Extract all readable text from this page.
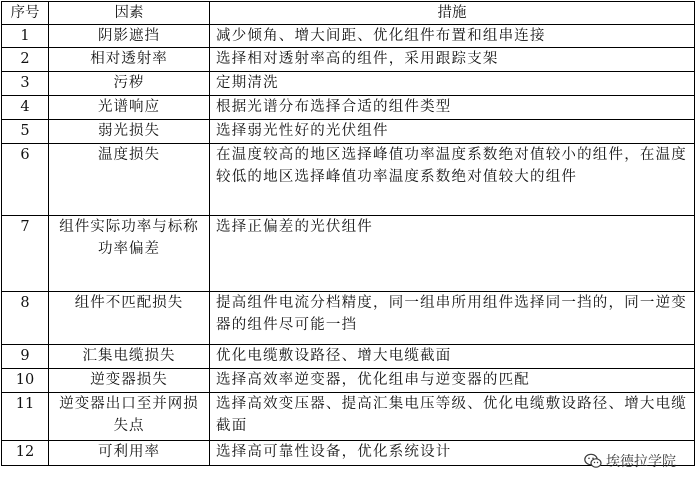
序号	因素	措施
1	阴影遮挡	减少倾角、增大间距、优化组件布置和组串连接
2	相对透射率	选择相对透射率高的组件，采用跟踪支架
3	污秽	定期清洗
4	光谱响应	根据光谱分布选择合适的组件类型
5	弱光损失	选择弱光性好的光伏组件
6	温度损失	在温度较高的地区选择峰值功率温度系数绝对值较小的组件，在温度较低的地区选择峰值功率温度系数绝对值较大的组件
7	组件实际功率与标称功率偏差	选择正偏差的光伏组件
8	组件不匹配损失	提高组件电流分档精度，同一组串所用组件选择同一挡的，同一逆变器的组件尽可能一挡
9	汇集电缆损失	优化电缆敷设路径、增大电缆截面
10	逆变器损失	选择高效率逆变器，优化组串与逆变器的匹配
11	逆变器出口至并网损失点	选择高效变压器、提高汇集电压等级、优化电缆敷设路径、增大电缆截面
12	可利用率	选择高可靠性设备，优化系统设计
埃德拉学院
